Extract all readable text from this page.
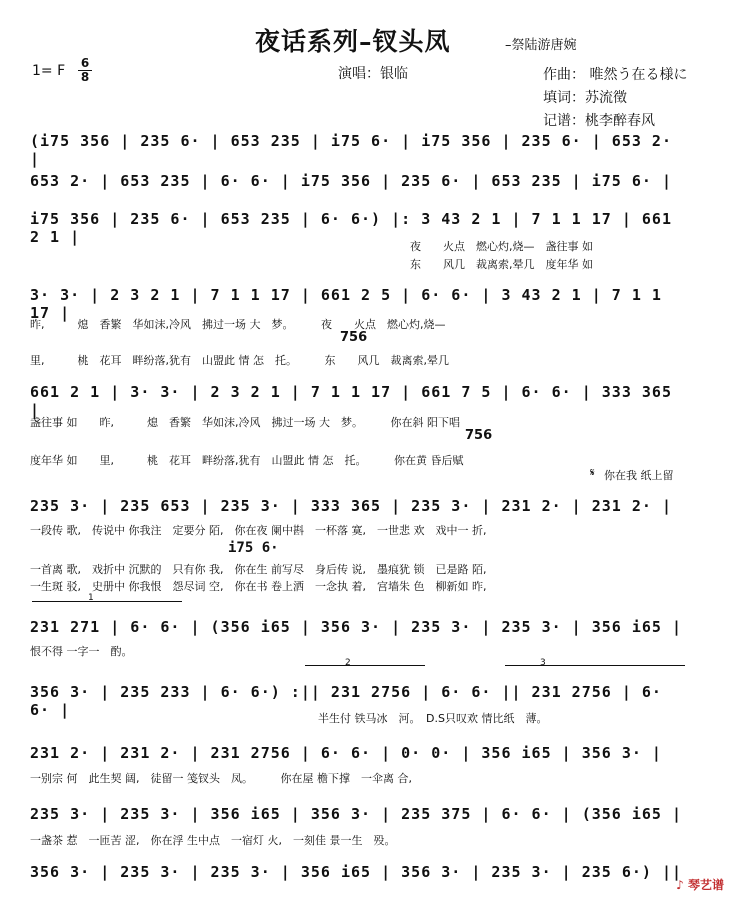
夜话系列–钗头凤	–祭陆游唐婉
1= F 6
8	演唱：银临	作曲： 唯然う在る様に
填词：苏流徵
记谱：桃李醉春风
(i75 356 | 235 6· | 653 235 | i75 6· | i75 356 | 235 6· | 653 2· |
653 2· | 653 235 | 6· 6· | i75 356 | 235 6· | 653 235 | i75 6· |
i75 356 | 235 6· | 653 235 | 6· 6·) |: 3 43 2 1 | 7 1 1 17 | 661 2 1 |
夜　　火点　燃心灼,烧—　盏往事 如
东　　风几　裁离索,晕几　度年华 如
3· 3· | 2 3 2 1 | 7 1 1 17 | 661 2 5 | 6· 6· | 3 43 2 1 | 7 1 1 17 |
昨,　　　熄　香繁　华如沫,冷风　拂过一场 大　梦。　　　夜　　火点　燃心灼,烧—
756
里,　　　桃　花耳　畔纷落,犹有　山盟此 情 怎　托。　　　东　　风几　裁离索,晕几
661 2 1 | 3· 3· | 2 3 2 1 | 7 1 1 17 | 661 7 5 | 6· 6· | 333 365 |
盏往事 如　　昨,　　　熄　香繁　华如沫,冷风　拂过一场 大　梦。　　　你在斜 阳下唱
756
度年华 如　　里,　　　桃　花耳　畔纷落,犹有　山盟此 情 怎　托。　　　你在黄 昏后赋
𝄋 你在我 纸上留
235 3· | 235 653 | 235 3· | 333 365 | 235 3· | 231 2· | 231 2· |
一段传 歌,　传说中 你我注　定要分 陌,　你在夜 阑中斟　一杯落 寞,　一世悲 欢　戏中一 折,
i75 6·
一首离 歌,　戏折中 沉默的　只有你 我,　你在生 前写尽　身后传 说,　墨痕犹 锁　已是路 陌,
一生斑 驳,　史册中 你我恨　怨尽词 空,　你在书 卷上洒　一念执 着,　宫墙朱 色　柳新如 昨,
1
231 271 | 6· 6· | (356 i65 | 356 3· | 235 3· | 235 3· | 356 i65 |
恨不得 一字一　酌。
2	3
356 3· | 235 233 | 6· 6·) :|| 231 2756 | 6· 6· || 231 2756 | 6· 6· |	半生付 铁马冰　河。　D.S只叹欢 情比纸　薄。
231 2· | 231 2· | 231 2756 | 6· 6· | 0· 0· | 356 i65 | 356 3· |
一别宗 何　此生契 阔,　徒留一 笺钗头　凤。　　　你在屋 檐下撑　一伞离 合,
235 3· | 235 3· | 356 i65 | 356 3· | 235 375 | 6· 6· | (356 i65 |
一盏茶 惹　一匝苦 涩,　你在浮 生中点　一宿灯 火,　一刻佳 景一生　殁。
356 3· | 235 3· | 235 3· | 356 i65 | 356 3· | 235 3· | 235 6·) ||
♪ 琴艺谱
